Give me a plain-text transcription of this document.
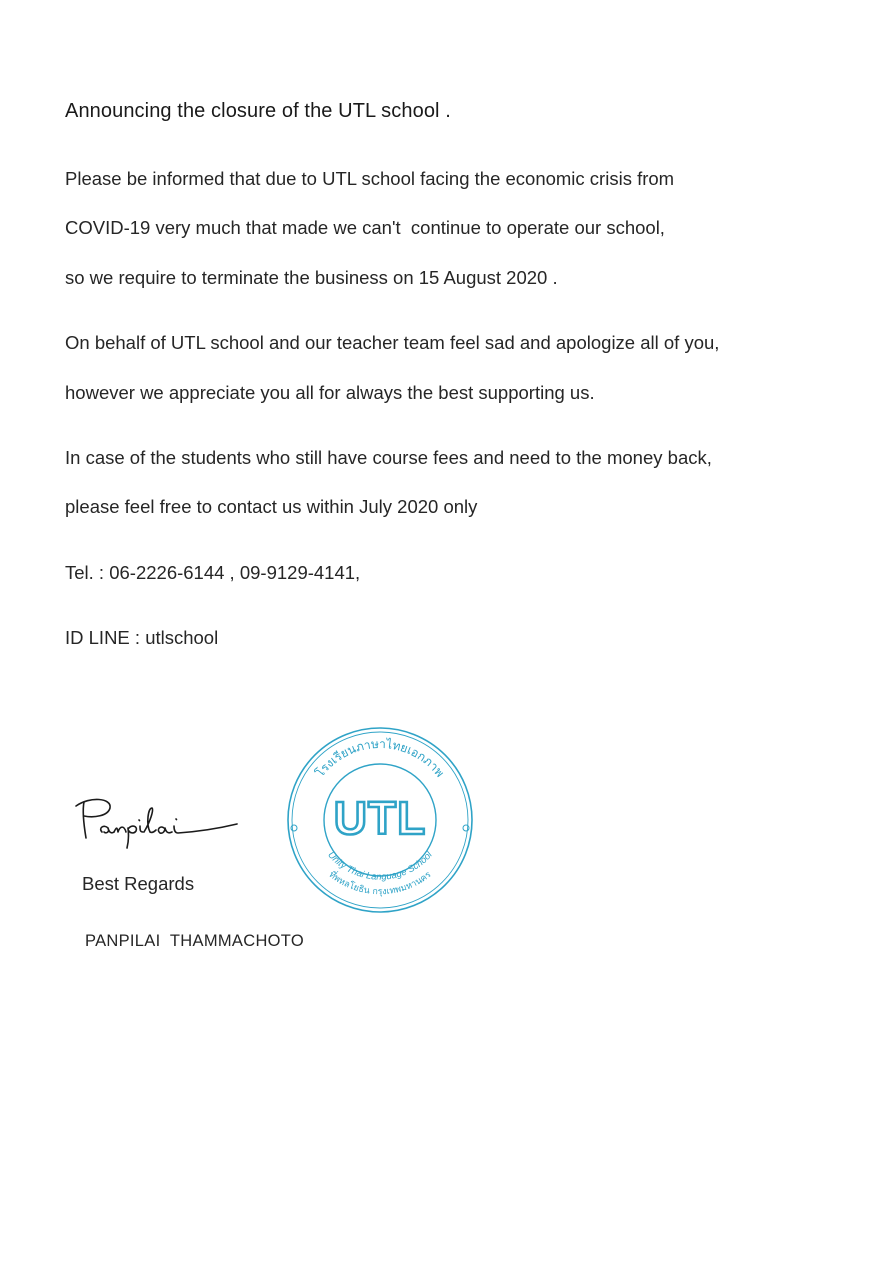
Announcing the closure of the UTL school .
Please be informed that due to UTL school facing the economic crisis from
COVID-19 very much that made we can't  continue to operate our school,
so we require to terminate the business on 15 August 2020 .
On behalf of UTL school and our teacher team feel sad and apologize all of you,
however we appreciate you all for always the best supporting us.
In case of the students who still have course fees and need to the money back,
please feel free to contact us within July 2020 only
Tel. : 06-2226-6144 , 09-9129-4141,
ID LINE : utlschool
Best Regards
PANPILAI  THAMMACHOTO
โรงเรียนภาษาไทยเอกภาพ
UTL
Unity Thai Language School
ที่พหลโยธิน กรุงเทพมหานคร
